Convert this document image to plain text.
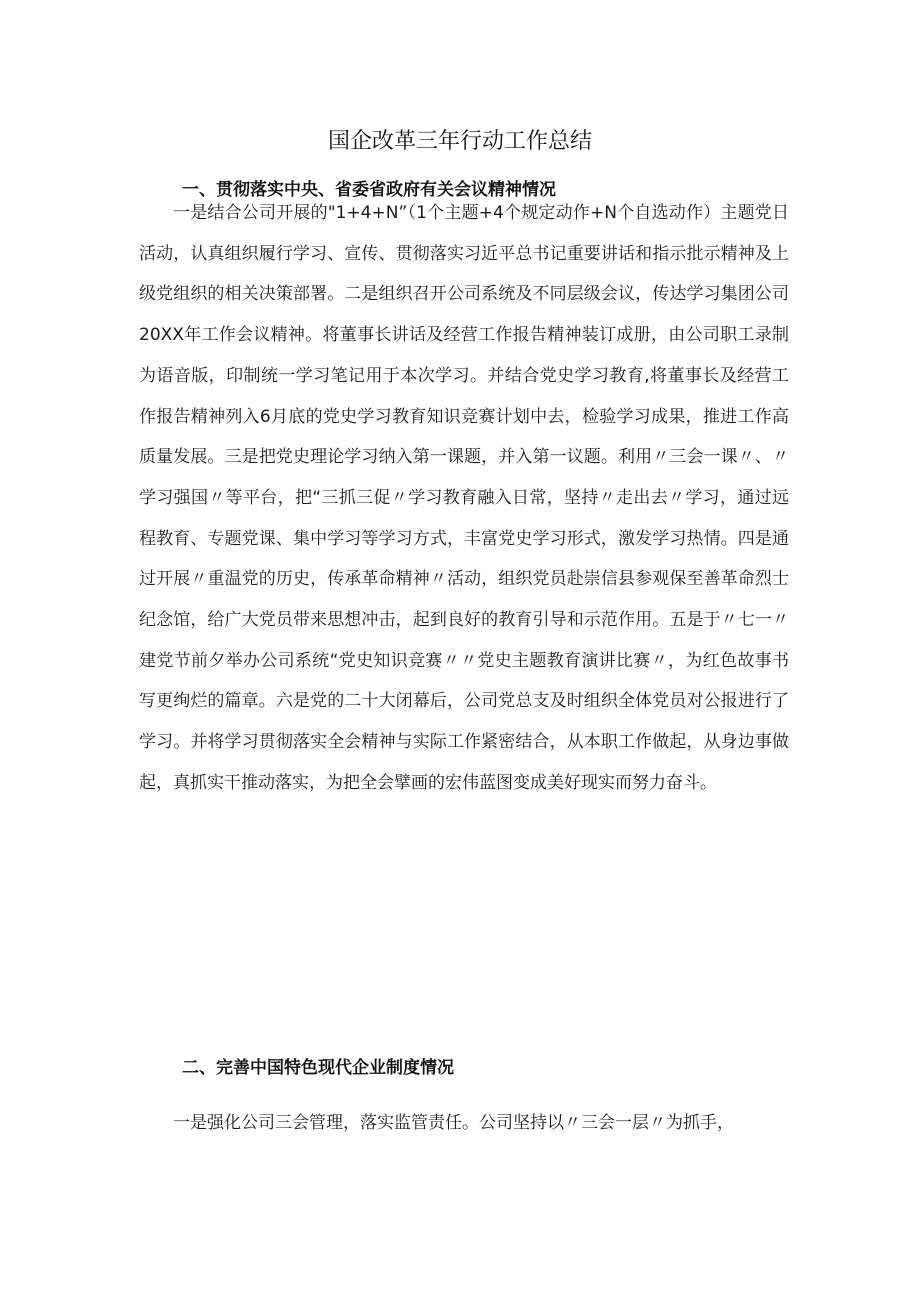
国企改革三年行动工作总结
一、贯彻落实中央、省委省政府有关会议精神情况

一是结合公司开展的"1+4+N”（1个主题+4个规定动作+N个自选动作）主题党日活动，认真组织履行学习、宣传、贯彻落实习近平总书记重要讲话和指示批示精神及上级党组织的相关决策部署。二是组织召开公司系统及不同层级会议，传达学习集团公司20XX年工作会议精神。将董事长讲话及经营工作报告精神装订成册，由公司职工录制为语音版，印制统一学习笔记用于本次学习。并结合党史学习教育,将董事长及经营工作报告精神列入6月底的党史学习教育知识竞赛计划中去，检验学习成果，推进工作高质量发展。三是把党史理论学习纳入第一课题，并入第一议题。利用〃三会一课〃、〃学习强国〃等平台，把“三抓三促〃学习教育融入日常，坚持〃走出去〃学习，通过远程教育、专题党课、集中学习等学习方式，丰富党史学习形式，激发学习热情。四是通过开展〃重温党的历史，传承革命精神〃活动，组织党员赴崇信县参观保至善革命烈士纪念馆，给广大党员带来思想冲击，起到良好的教育引导和示范作用。五是于〃七一〃建党节前夕举办公司系统“党史知识竞赛〃〃党史主题教育演讲比赛〃，为红色故事书写更绚烂的篇章。六是党的二十大闭幕后，公司党总支及时组织全体党员对公报进行了学习。并将学习贯彻落实全会精神与实际工作紧密结合，从本职工作做起，从身边事做起，真抓实干推动落实，为把全会擘画的宏伟蓝图变成美好现实而努力奋斗。

二、完善中国特色现代企业制度情况

一是强化公司三会管理，落实监管责任。公司坚持以〃三会一层〃为抓手，
